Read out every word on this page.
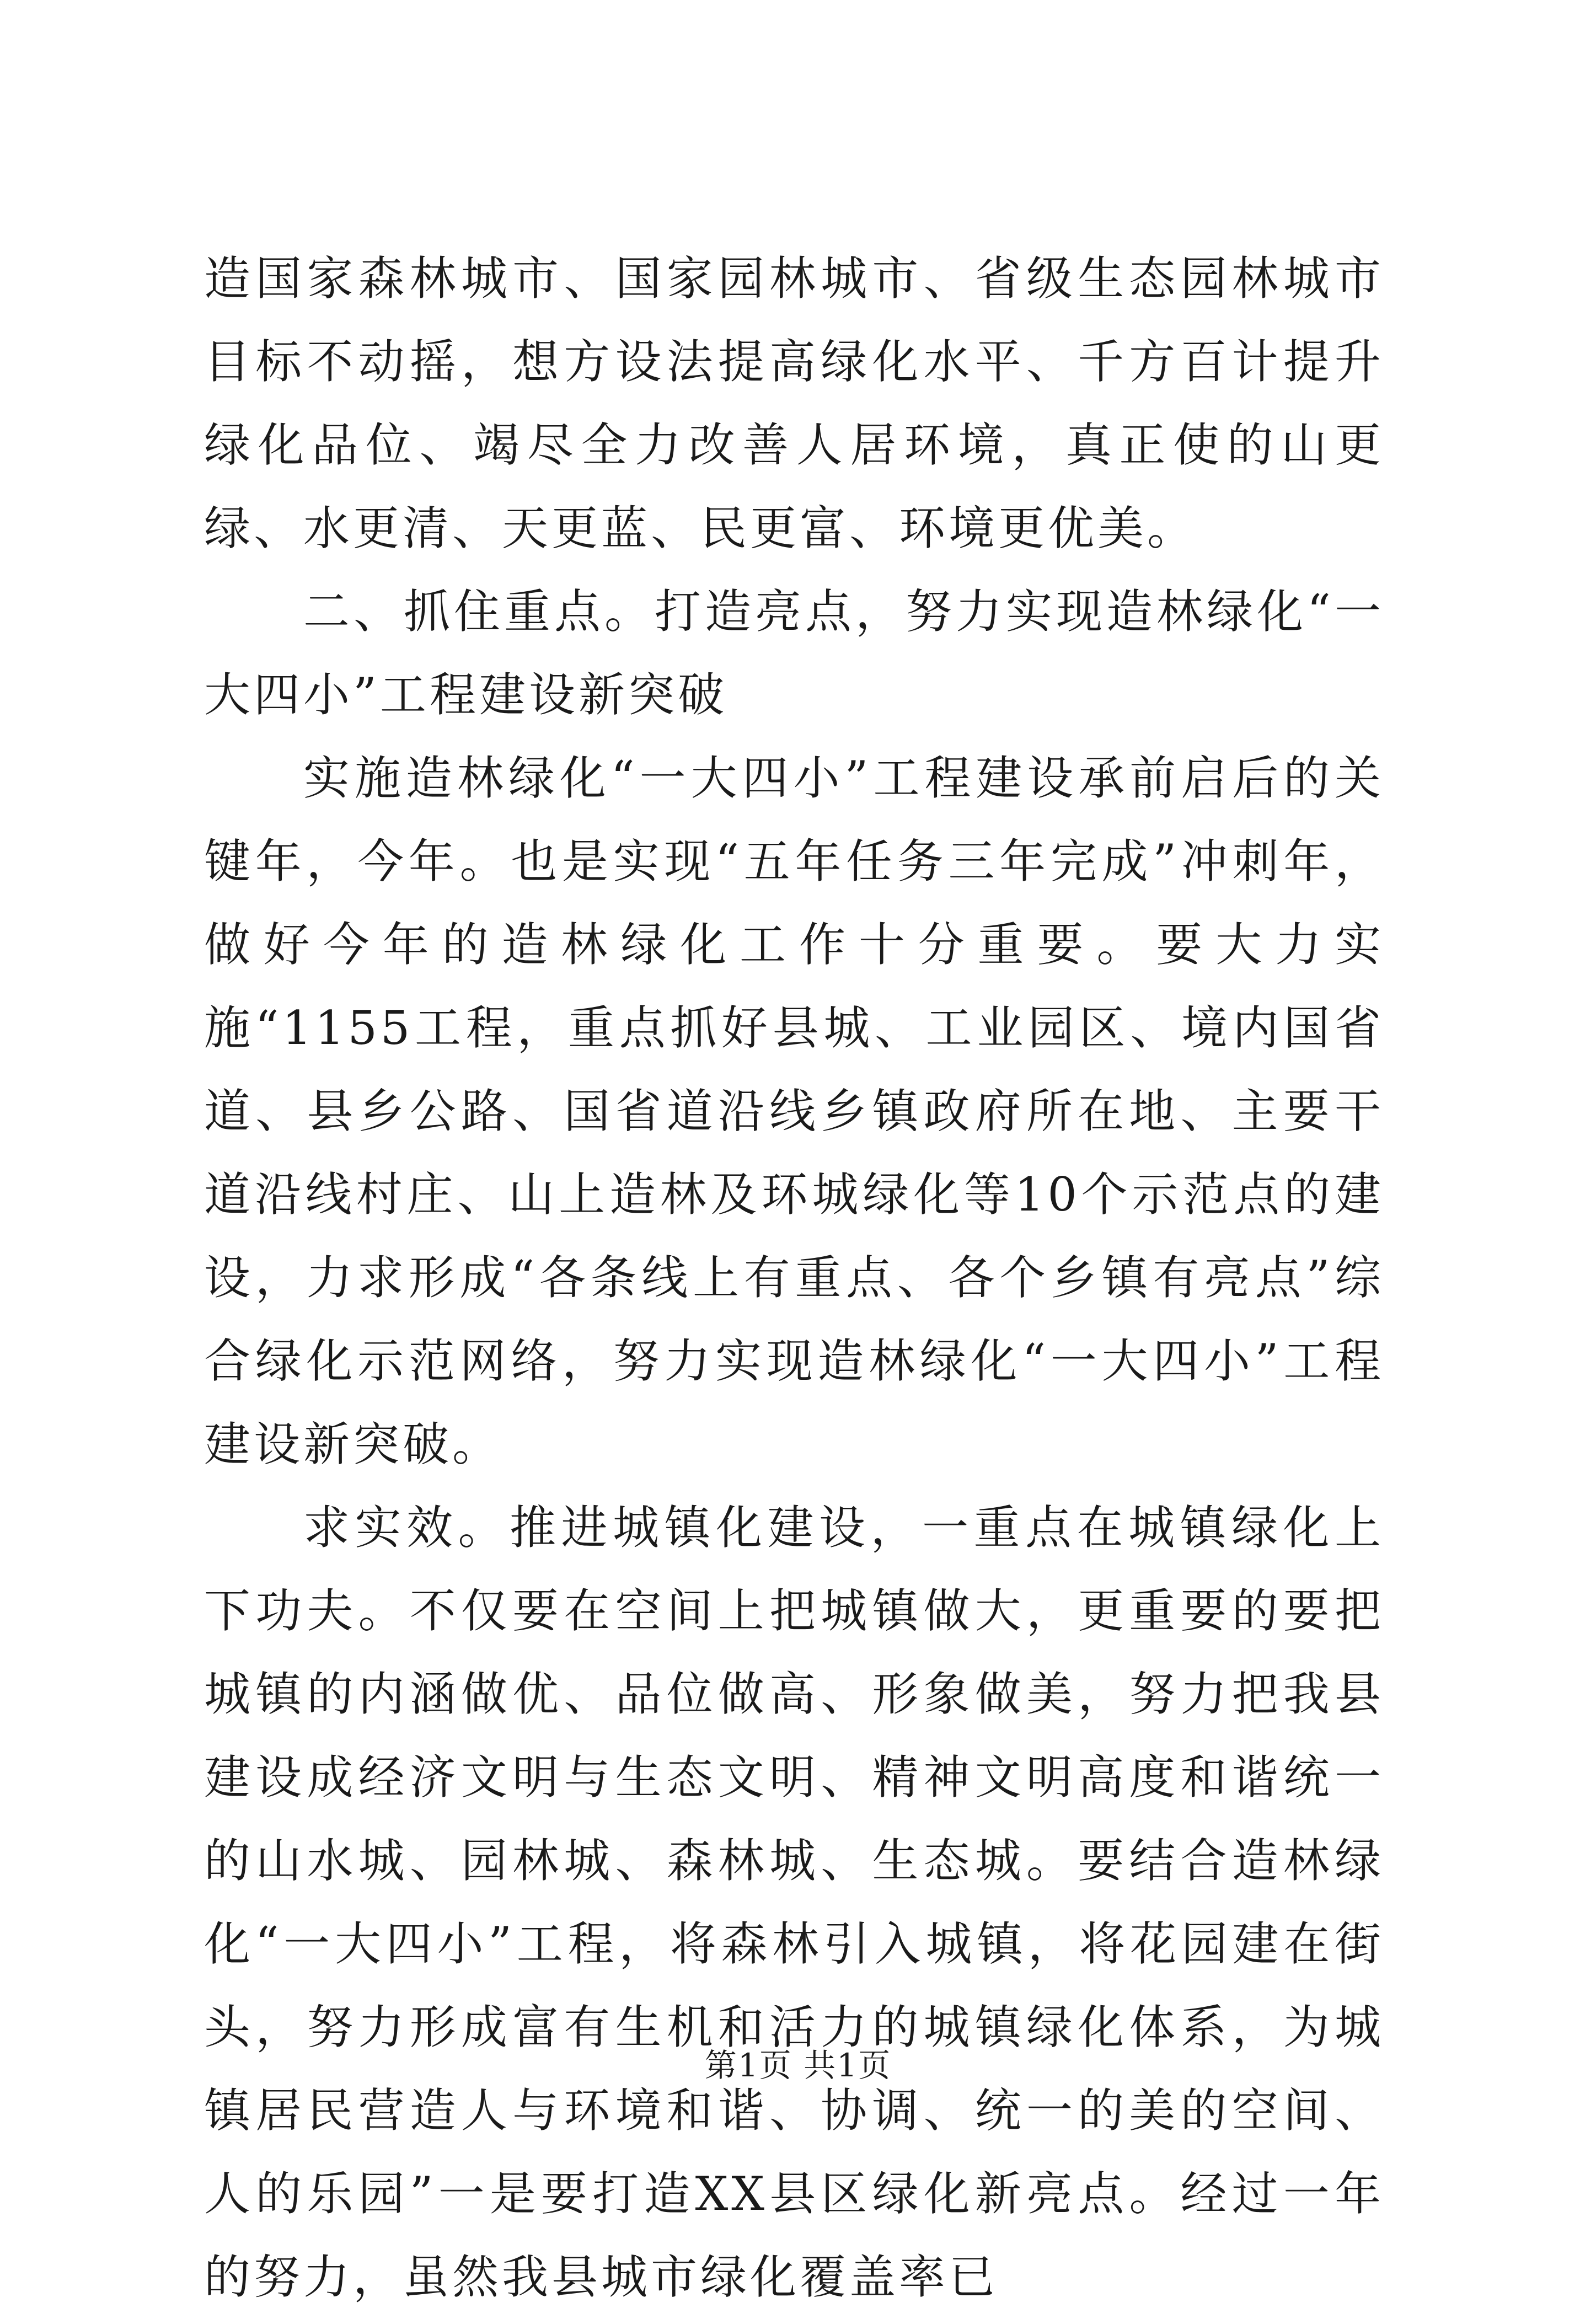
造国家森林城市、国家园林城市、省级生态园林城市目标不动摇，想方设法提高绿化水平、千方百计提升绿化品位、竭尽全力改善人居环境，真正使的山更绿、水更清、天更蓝、民更富、环境更优美。

二、抓住重点。打造亮点，努力实现造林绿化“一大四小”工程建设新突破

实施造林绿化“一大四小”工程建设承前启后的关键年，今年。也是实现“五年任务三年完成”冲刺年，做好今年的造林绿化工作十分重要。要大力实施“1155工程，重点抓好县城、工业园区、境内国省道、县乡公路、国省道沿线乡镇政府所在地、主要干道沿线村庄、山上造林及环城绿化等10个示范点的建设，力求形成“各条线上有重点、各个乡镇有亮点”综合绿化示范网络，努力实现造林绿化“一大四小”工程建设新突破。

求实效。推进城镇化建设，一重点在城镇绿化上下功夫。不仅要在空间上把城镇做大，更重要的要把城镇的内涵做优、品位做高、形象做美，努力把我县建设成经济文明与生态文明、精神文明高度和谐统一的山水城、园林城、森林城、生态城。要结合造林绿化“一大四小”工程，将森林引入城镇，将花园建在街头，努力形成富有生机和活力的城镇绿化体系，为城镇居民营造人与环境和谐、协调、统一的美的空间、人的乐园”一是要打造XX县区绿化新亮点。经过一年的努力，虽然我县城市绿化覆盖率已

第1页 共1页
